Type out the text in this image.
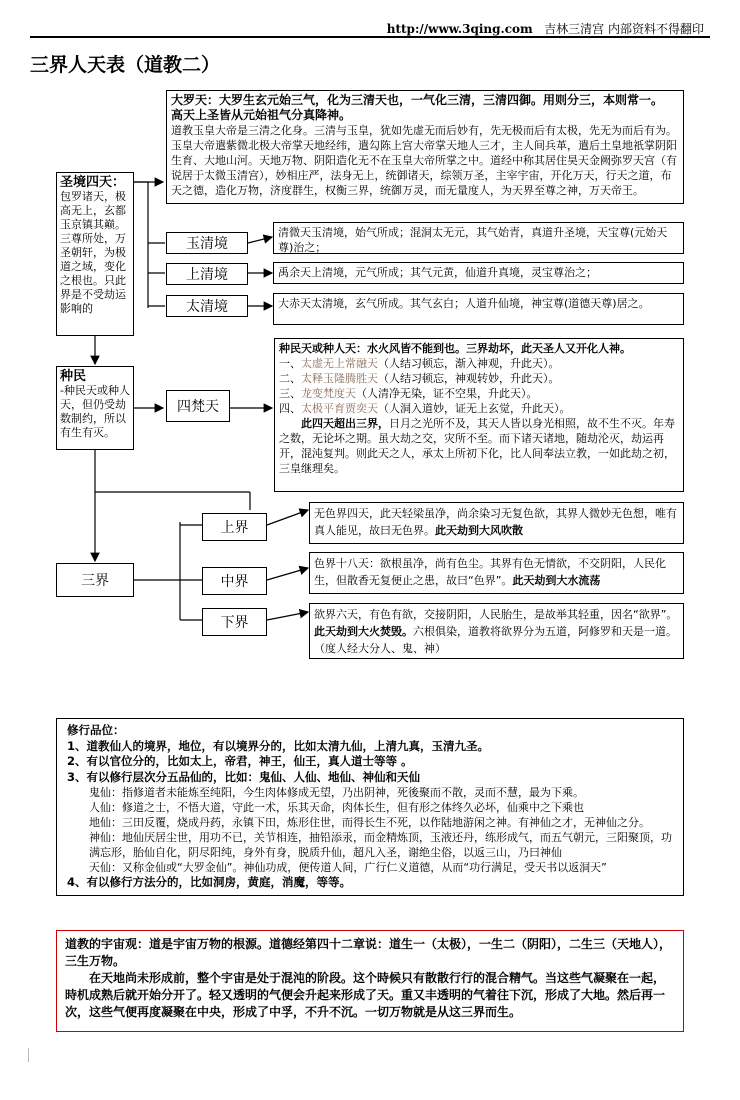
http://www.3qing.com 吉林三清宫 内部资料不得翻印
三界人天表（道教二）
大罗天：大罗生玄元始三气，化为三清天也，一气化三清，三清四御。用则分三，本则常一。
高天上圣皆从元始祖气分真降神。
道教玉皇大帝是三清之化身。三清与玉皇，犹如先虚无而后妙有，先无极而后有太极，先无为而后有为。玉皇大帝遣紫微北极大帝掌天地经纬，遣勾陈上宫大帝掌天地人三才，主人间兵革，遣后土皇地祇掌阴阳生育、大地山河。天地万物、阴阳造化无不在玉皇大帝所掌之中。道经中称其居住昊天金阙弥罗天宫（有说居于太微玉清宫），妙相庄严，法身无上，统御诸天，综领万圣，主宰宇宙，开化万天，行天之道，布天之德，造化万物，济度群生，权衡三界，统御万灵，而无量度人，为天界至尊之神，万天帝王。
圣境四天：
包罗诸天，极高无上，玄都玉京镇其巅。三尊所处，万圣朝轩，为极道之域，变化之根也。只此界是不受劫运影响的
玉清境
清微天玉清境，始气所成；混洞太无元，其气始青，真道升圣境，天宝尊(元始天尊)治之；
上清境	禹余天上清境，元气所成；其气元黄，仙道升真境，灵宝尊治之；
太清境	大赤天太清境，玄气所成。其气玄白；人道升仙境，神宝尊(道德天尊)居之。
种民
-种民天或种人天，但仍受劫数制约，所以有生有灭。
四梵天
种民天或种人天：水火风皆不能到也。三界劫坏，此天圣人又开化人神。
一、太虚无上常融天（人结习顿忘，渐入神观，升此天）。
二、太释玉隆腾胜天（人结习顿忘，神观转妙，升此天）。
三、龙变梵度天（人清净无染，证不空果，升此天）。
四、太极平育贾奕天（人洞入道妙，证无上玄觉，升此天）。
此四天超出三界，日月之光所不及，其天人皆以身光相照，故不生不灭。年寿之数，无论坏之期。虽大劫之交，灾所不至。而下诸天诸地，随劫沦灭，劫运再开，混沌复判。则此天之人，承太上所初下化，比人间奉法立教，一如此劫之初，三皇继理矣。
三界
上界
中界
下界
无色界四天，此天轻梁虽净，尚余染习无复色欲，其界人微妙无色想，唯有真人能见，故曰无色界。此天劫到大风吹散
色界十八天：欲根虽净，尚有色尘。其界有色无情欲，不交阴阳，人民化生，但散香无复便止之患，故曰“色界”。此天劫到大水流荡
欲界六天，有色有欲，交接阴阳，人民胎生，是故举其轻重，因名“欲界”。此天劫到大火焚毁。六根俱染，道教将欲界分为五道，阿修罗和天是一道。（度人经大分人、鬼、神）
修行品位：
1、道教仙人的境界，地位，有以境界分的，比如太清九仙，上清九真，玉清九圣。
2、有以官位分的，比如太上，帝君，神王，仙王，真人道士等等 。
3、有以修行层次分五品仙的，比如：鬼仙、人仙、地仙、神仙和天仙
鬼仙：指修道者未能炼至纯阳，今生肉体修成无望，乃出阴神，死後聚而不散，灵而不慧，最为下乘。
人仙：修道之士，不悟大道，守此一术，乐其天命，肉体长生，但有形之体终久必坏，仙乘中之下乘也
地仙：三田反覆，烧成丹药，永镇下田，炼形住世，而得长生不死，以作陆地游闲之神。有神仙之才，无神仙之分。
神仙：地仙厌居尘世，用功不已，关节相连，抽铅添汞，而金精炼顶，玉液还丹，练形成气，而五气朝元，三阳聚顶，功满忘形，胎仙自化，阴尽阳纯，身外有身，脱质升仙，超凡入圣，谢绝尘俗，以返三山，乃曰神仙
天仙：又称金仙或“大罗金仙”。神仙功成，便传道人间，广行仁义道德，从而“功行满足，受天书以返洞天”
4、有以修行方法分的，比如洞房，黄庭，消魔，等等。
道教的宇宙观：道是宇宙万物的根源。道德经第四十二章说：道生一（太极），一生二（阴阳），二生三（天地人），三生万物。
在天地尚未形成前，整个宇宙是处于混沌的阶段。这个時候只有散散行行的混合精气。当这些气凝聚在一起，時机成熟后就开始分开了。轻又透明的气便会升起来形成了天。重又丰透明的气着往下沉，形成了大地。然后再一次，这些气便再度凝聚在中央，形成了中孚，不升不沉。一切万物就是从这三界而生。
